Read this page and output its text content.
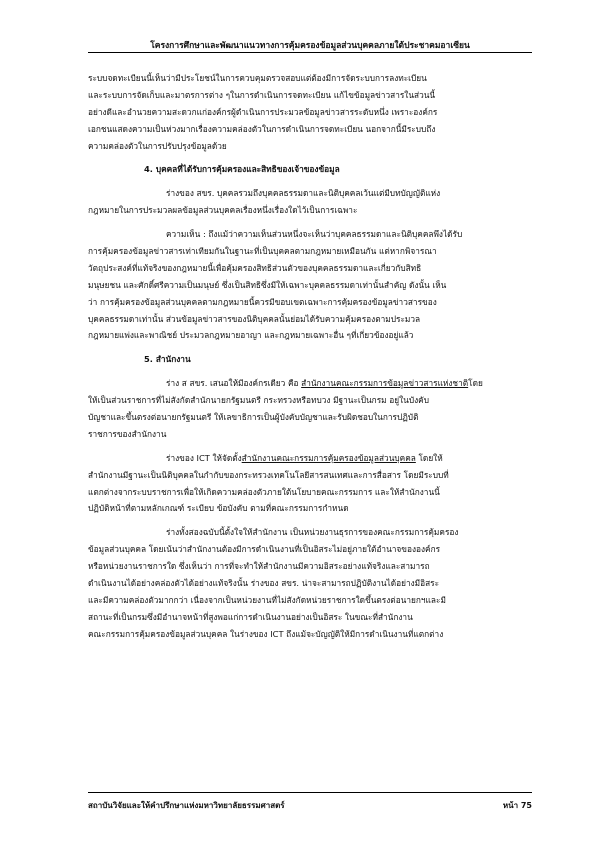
โครงการศึกษาและพัฒนาแนวทางการคุ้มครองข้อมูลส่วนบุคคลภายใต้ประชาคมอาเซียน
ระบบจดทะเบียนนี้เห็นว่ามีประโยชน์ในการควบคุมตรวจสอบแต่ต้องมีการจัดระบบการลงทะเบียน
และระบบการจัดเก็บและมาตรการต่าง ๆในการดำเนินการจดทะเบียน แก้ไขข้อมูลข่าวสารในส่วนนี้
อย่างดีและอำนวยความสะดวกแก่องค์กรผู้ดำเนินการประมวลข้อมูลข่าวสารระดับหนึ่ง เพราะองค์กร
เอกชนแสดงความเป็นห่วงมากเรื่องความคล่องตัวในการดำเนินการจดทะเบียน นอกจากนี้มีระบบถึง
ความคล่องตัวในการปรับปรุงข้อมูลด้วย
4. บุคคลที่ได้รับการคุ้มครองและสิทธิของเจ้าของข้อมูล
ร่างของ สขร. บุคคลรวมถึงบุคคลธรรมดาและนิติบุคคลเว้นแต่มีบทบัญญัติแห่ง
กฎหมายในการประมวลผลข้อมูลส่วนบุคคลเรื่องหนึ่งเรื่องใดไว้เป็นการเฉพาะ
ความเห็น : ถึงแม้ว่าความเห็นส่วนหนึ่งจะเห็นว่าบุคคลธรรมดาและนิติบุคคลพึงได้รับ
การคุ้มครองข้อมูลข่าวสารเท่าเทียมกันในฐานะที่เป็นบุคคลตามกฎหมายเหมือนกัน แต่หากพิจารณา
วัตถุประสงค์ที่แท้จริงของกฎหมายนี้เพื่อคุ้มครองสิทธิส่วนตัวของบุคคลธรรมดาและเกี่ยวกับสิทธิ
มนุษยชน และศักดิ์ศรีความเป็นมนุษย์ ซึ่งเป็นสิทธิซึ่งมีให้เฉพาะบุคคลธรรมดาเท่านั้นสำคัญ ดังนั้น เห็น
ว่า การคุ้มครองข้อมูลส่วนบุคคลตามกฎหมายนี้ควรมีขอบเขตเฉพาะการคุ้มครองข้อมูลข่าวสารของ
บุคคลธรรมดาเท่านั้น ส่วนข้อมูลข่าวสารของนิติบุคคลนั้นย่อมได้รับความคุ้มครองตามประมวล
กฎหมายแพ่งและพาณิชย์ ประมวลกฎหมายอาญา และกฎหมายเฉพาะอื่น ๆที่เกี่ยวข้องอยู่แล้ว
5. สำนักงาน
ร่าง ส สขร. เสนอให้มีองค์กรเดียว คือ สำนักงานคณะกรรมการข้อมูลข่าวสารแห่งชาติโดย
ให้เป็นส่วนราชการที่ไม่สังกัดสำนักนายกรัฐมนตรี กระทรวงหรือทบวง มีฐานะเป็นกรม อยู่ในบังคับ
บัญชาและขึ้นตรงต่อนายกรัฐมนตรี ให้เลขาธิการเป็นผู้บังคับบัญชาและรับผิดชอบในการปฏิบัติ
ราชการของสำนักงาน
ร่างของ ICT ให้จัดตั้งสำนักงานคณะกรรมการคุ้มครองข้อมูลส่วนบุคคล โดยให้
สำนักงานมีฐานะเป็นนิติบุคคลในกำกับของกระทรวงเทคโนโลยีสารสนเทศและการสื่อสาร โดยมีระบบที่
แตกต่างจากระบบราชการเพื่อให้เกิดความคล่องตัวภายใต้นโยบายคณะกรรมการ และให้สำนักงานนี้
ปฏิบัติหน้าที่ตามหลักเกณฑ์ ระเบียบ ข้อบังคับ ตามที่คณะกรรมการกำหนด
ร่างทั้งสองฉบับนี้ตั้งใจให้สำนักงาน เป็นหน่วยงานธุรการของคณะกรรมการคุ้มครอง
ข้อมูลส่วนบุคคล โดยเน้นว่าสำนักงานต้องมีการดำเนินงานที่เป็นอิสระไม่อยู่ภายใต้อำนาจขององค์กร
หรือหน่วยงานราชการใด ซึ่งเห็นว่า การที่จะทำให้สำนักงานมีความอิสระอย่างแท้จริงและสามารถ
ดำเนินงานได้อย่างคล่องตัวได้อย่างแท้จริงนั้น ร่างของ สขร. น่าจะสามารถปฏิบัติงานได้อย่างมีอิสระ
และมีความคล่องตัวมากกว่า เนื่องจากเป็นหน่วยงานที่ไม่สังกัดหน่วยราชการใดขึ้นตรงต่อนายกฯและมี
สถานะที่เป็นกรมซึ่งมีอำนาจหน้าที่สูงพอแก่การดำเนินงานอย่างเป็นอิสระ ในขณะที่สำนักงาน
คณะกรรมการคุ้มครองข้อมูลส่วนบุคคล ในร่างของ ICT ถึงแม้จะบัญญัติให้มีการดำเนินงานที่แตกต่าง
สถาบันวิจัยและให้คำปรึกษาแห่งมหาวิทยาลัยธรรมศาสตร์	หน้า 75
